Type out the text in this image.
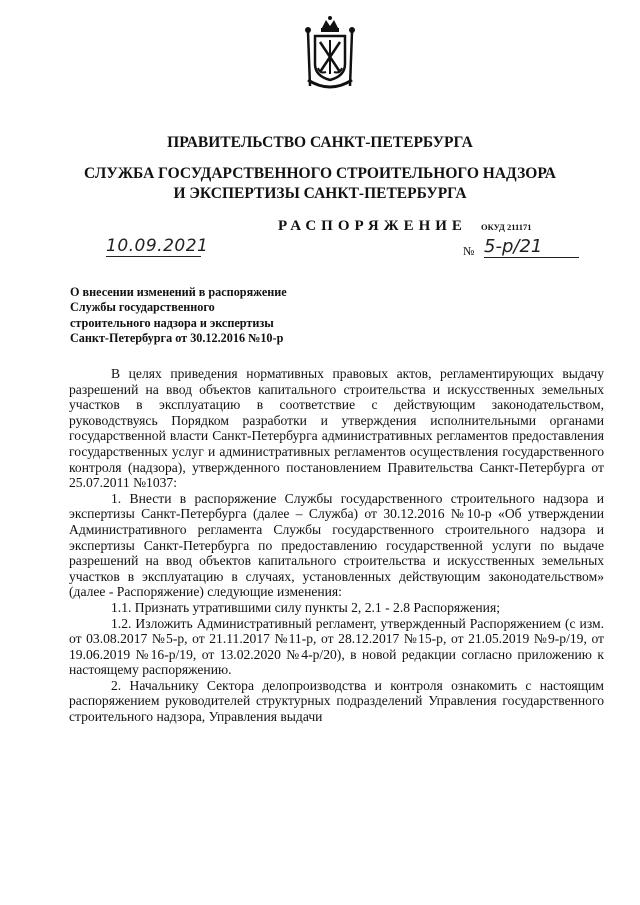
ПРАВИТЕЛЬСТВО САНКТ-ПЕТЕРБУРГА
СЛУЖБА ГОСУДАРСТВЕННОГО СТРОИТЕЛЬНОГО НАДЗОРА
И ЭКСПЕРТИЗЫ САНКТ-ПЕТЕРБУРГА
РАСПОРЯЖЕНИЕ ОКУД 211171
10.09.2021	№ 5-р/21
О внесении изменений в распоряжение
Службы государственного
строительного надзора и экспертизы
Санкт-Петербурга от 30.12.2016 №10-р

В целях приведения нормативных правовых актов, регламентирующих выдачу разрешений на ввод объектов капитального строительства и искусственных земельных участков в эксплуатацию в соответствие с действующим законодательством, руководствуясь Порядком разработки и утверждения исполнительными органами государственной власти Санкт-Петербурга административных регламентов предоставления государственных услуг и административных регламентов осуществления государственного контроля (надзора), утвержденного постановлением Правительства Санкт-Петербурга от 25.07.2011 №1037:

1. Внести в распоряжение Службы государственного строительного надзора и экспертизы Санкт-Петербурга (далее – Служба) от 30.12.2016 №10-р «Об утверждении Административного регламента Службы государственного строительного надзора и экспертизы Санкт-Петербурга по предоставлению государственной услуги по выдаче разрешений на ввод объектов капитального строительства и искусственных земельных участков в эксплуатацию в случаях, установленных действующим законодательством» (далее - Распоряжение) следующие изменения:

1.1. Признать утратившими силу пункты 2, 2.1 - 2.8 Распоряжения;

1.2. Изложить Административный регламент, утвержденный Распоряжением (с изм. от 03.08.2017 №5-р, от 21.11.2017 №11-р, от 28.12.2017 №15-р, от 21.05.2019 №9-р/19, от 19.06.2019 №16-р/19, от 13.02.2020 №4-р/20), в новой редакции согласно приложению к настоящему распоряжению.

2. Начальнику Сектора делопроизводства и контроля ознакомить с настоящим распоряжением руководителей структурных подразделений Управления государственного строительного надзора, Управления выдачи
